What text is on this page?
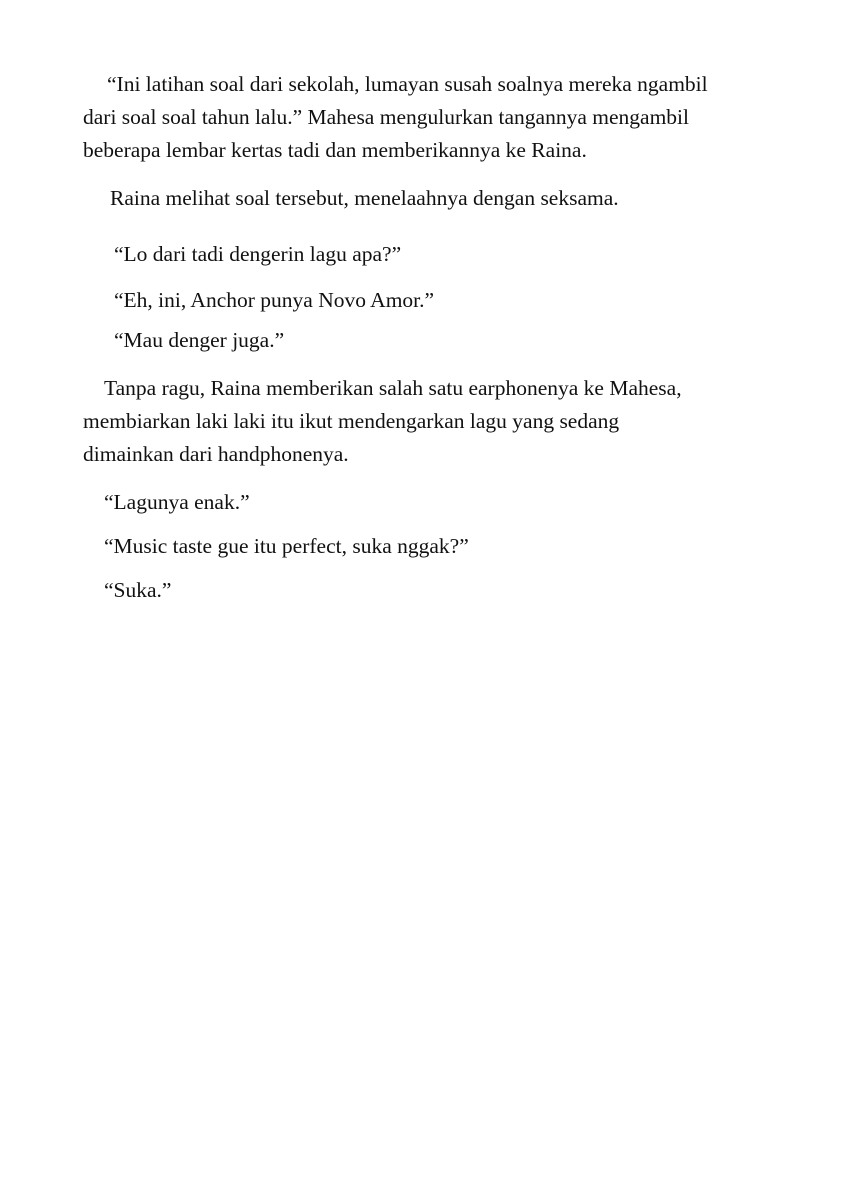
“Ini latihan soal dari sekolah, lumayan susah soalnya mereka ngambil
dari soal soal tahun lalu.” Mahesa mengulurkan tangannya mengambil
beberapa lembar kertas tadi dan memberikannya ke Raina.

Raina melihat soal tersebut, menelaahnya dengan seksama.

“Lo dari tadi dengerin lagu apa?”

“Eh, ini, Anchor punya Novo Amor.”

“Mau denger juga.”

Tanpa ragu, Raina memberikan salah satu earphonenya ke Mahesa,
membiarkan laki laki itu ikut mendengarkan lagu yang sedang
dimainkan dari handphonenya.

“Lagunya enak.”

“Music taste gue itu perfect, suka nggak?”

“Suka.”
